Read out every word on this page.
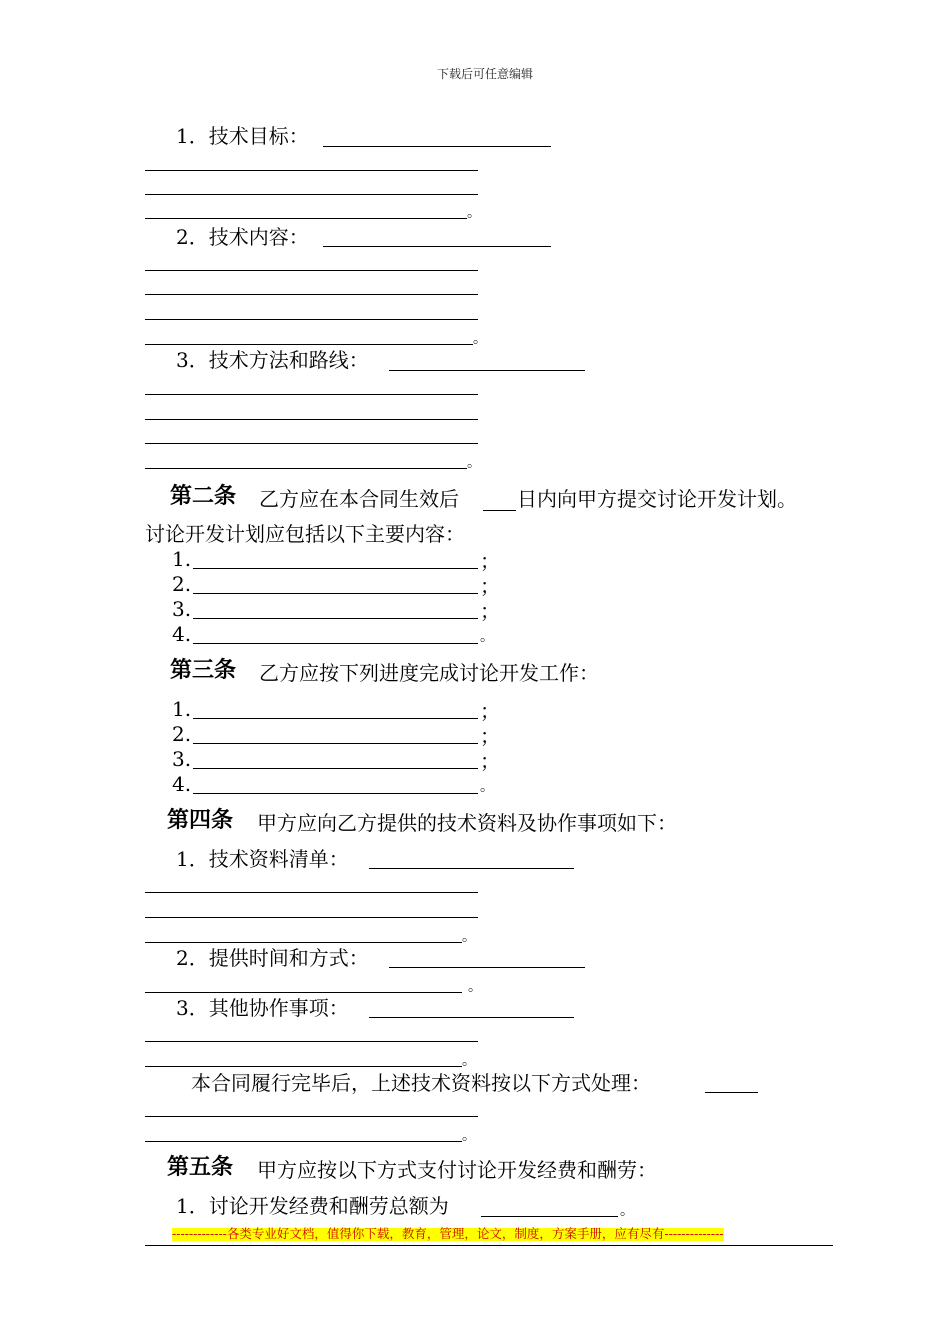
下载后可任意编辑
1．技术目标：
。
2．技术内容：
。
3．技术方法和路线：
。
第二条 乙方应在本合同生效后	日内向甲方提交讨论开发计划。
讨论开发计划应包括以下主要内容：
1.	；
2.	；
3.	；
4.	。
第三条 乙方应按下列进度完成讨论开发工作：
1.	；
2.	；
3.	；
4.	。
第四条 甲方应向乙方提供的技术资料及协作事项如下：
1．技术资料清单：
。
2．提供时间和方式：
。
3．其他协作事项：
。
本合同履行完毕后，上述技术资料按以下方式处理：
。
第五条 甲方应按以下方式支付讨论开发经费和酬劳：
1．讨论开发经费和酬劳总额为	。
-------------各类专业好文档，值得你下载，教育，管理，论文，制度，方案手册，应有尽有--------------
